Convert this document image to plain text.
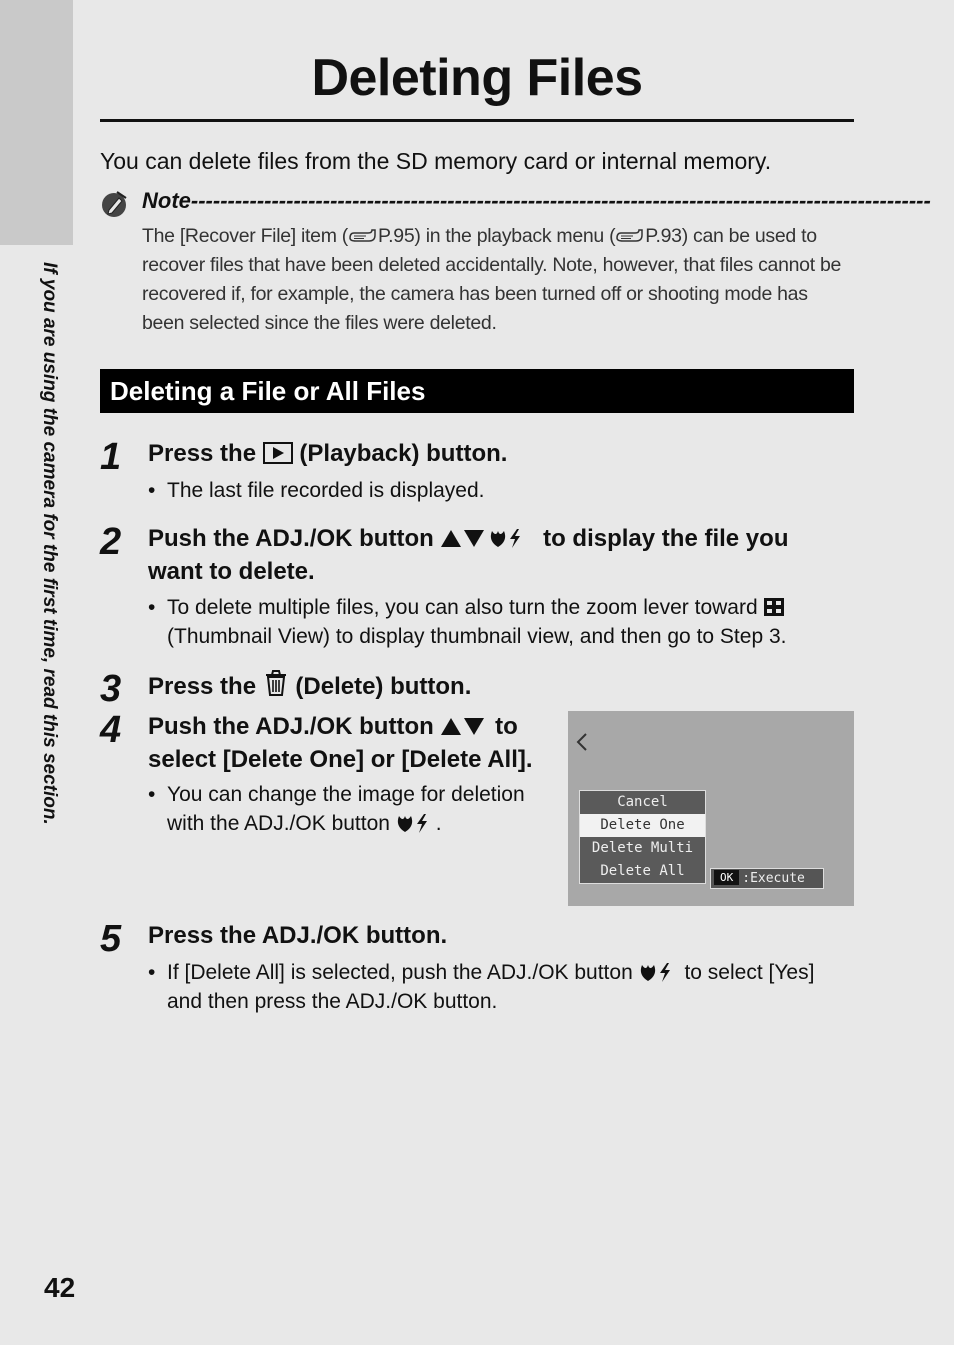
If you are using the camera for the first time, read this section.
Deleting Files
You can delete files from the SD memory card or internal memory.
Note-----------------------------------------------------------------------------------------------------
The [Recover File] item ( P.95) in the playback menu ( P.93) can be used to recover files that have been deleted accidentally. Note, however, that files cannot be recovered if, for example, the camera has been turned off or shooting mode has been selected since the files were deleted.
Deleting a File or All Files
1 Press the (Playback) button.
• The last file recorded is displayed.
2 Push the ADJ./OK button	to display the file you want to delete.
• To delete multiple files, you can also turn the zoom lever toward  (Thumbnail View) to display thumbnail view, and then go to Step 3.
3 Press the (Delete) button.
4 Push the ADJ./OK button	to select [Delete One] or [Delete All].
• You can change the image for deletion with the ADJ./OK button .
Cancel
Delete One
Delete Multi
Delete All	OK :Execute
5 Press the ADJ./OK button.
• If [Delete All] is selected, push the ADJ./OK button to select [Yes] and then press the ADJ./OK button.
42
